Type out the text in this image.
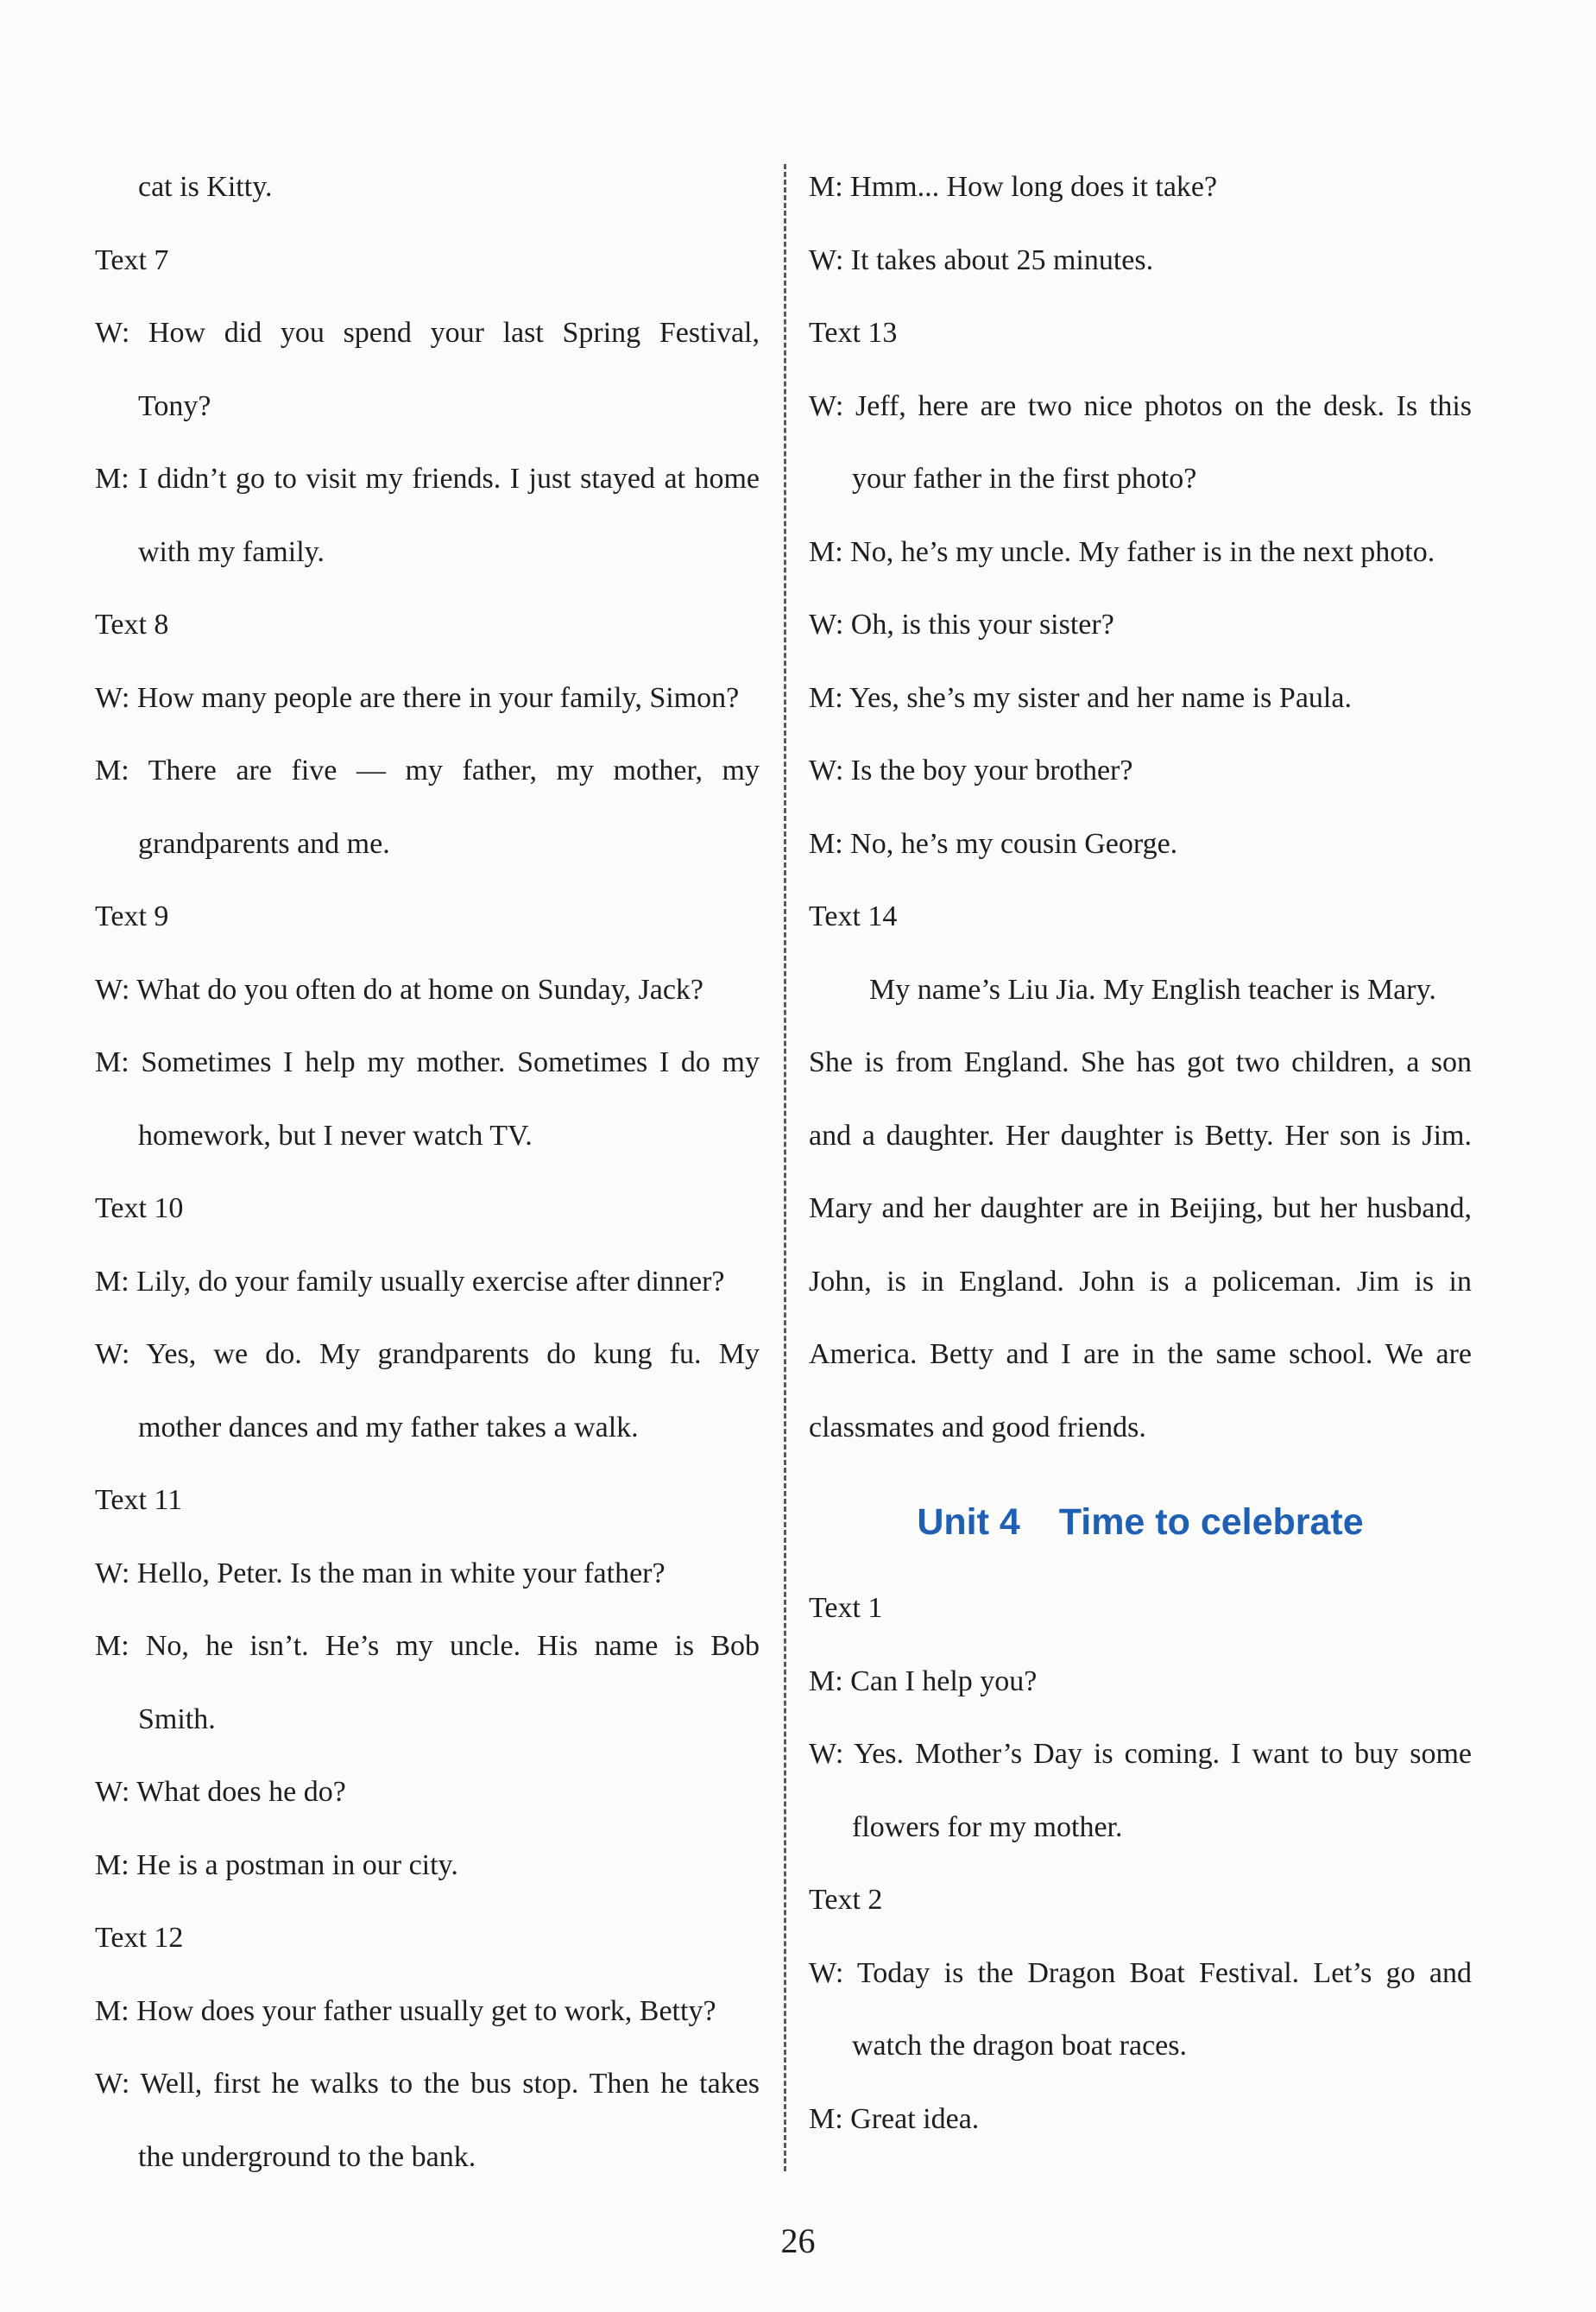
cat is Kitty.
Text 7
W: How did you spend your last Spring Festival,
Tony?
M: I didn’t go to visit my friends. I just stayed at home
with my family.
Text 8
W: How many people are there in your family, Simon?
M: There are five — my father, my mother, my
grandparents and me.
Text 9
W: What do you often do at home on Sunday, Jack?
M: Sometimes I help my mother. Sometimes I do my
homework, but I never watch TV.
Text 10
M: Lily, do your family usually exercise after dinner?
W: Yes, we do. My grandparents do kung fu. My
mother dances and my father takes a walk.
Text 11
W: Hello, Peter. Is the man in white your father?
M: No, he isn’t. He’s my uncle. His name is Bob
Smith.
W: What does he do?
M: He is a postman in our city.
Text 12
M: How does your father usually get to work, Betty?
W: Well, first he walks to the bus stop. Then he takes
the underground to the bank.
M: Hmm... How long does it take?
W: It takes about 25 minutes.
Text 13
W: Jeff, here are two nice photos on the desk. Is this
your father in the first photo?
M: No, he’s my uncle. My father is in the next photo.
W: Oh, is this your sister?
M: Yes, she’s my sister and her name is Paula.
W: Is the boy your brother?
M: No, he’s my cousin George.
Text 14
My name’s Liu Jia. My English teacher is Mary.
She is from England. She has got two children, a son
and a daughter. Her daughter is Betty. Her son is Jim.
Mary and her daughter are in Beijing, but her husband,
John, is in England. John is a policeman. Jim is in
America. Betty and I are in the same school. We are
classmates and good friends.
Unit 4 Time to celebrate
Text 1
M: Can I help you?
W: Yes. Mother’s Day is coming. I want to buy some
flowers for my mother.
Text 2
W: Today is the Dragon Boat Festival. Let’s go and
watch the dragon boat races.
M: Great idea.
26
